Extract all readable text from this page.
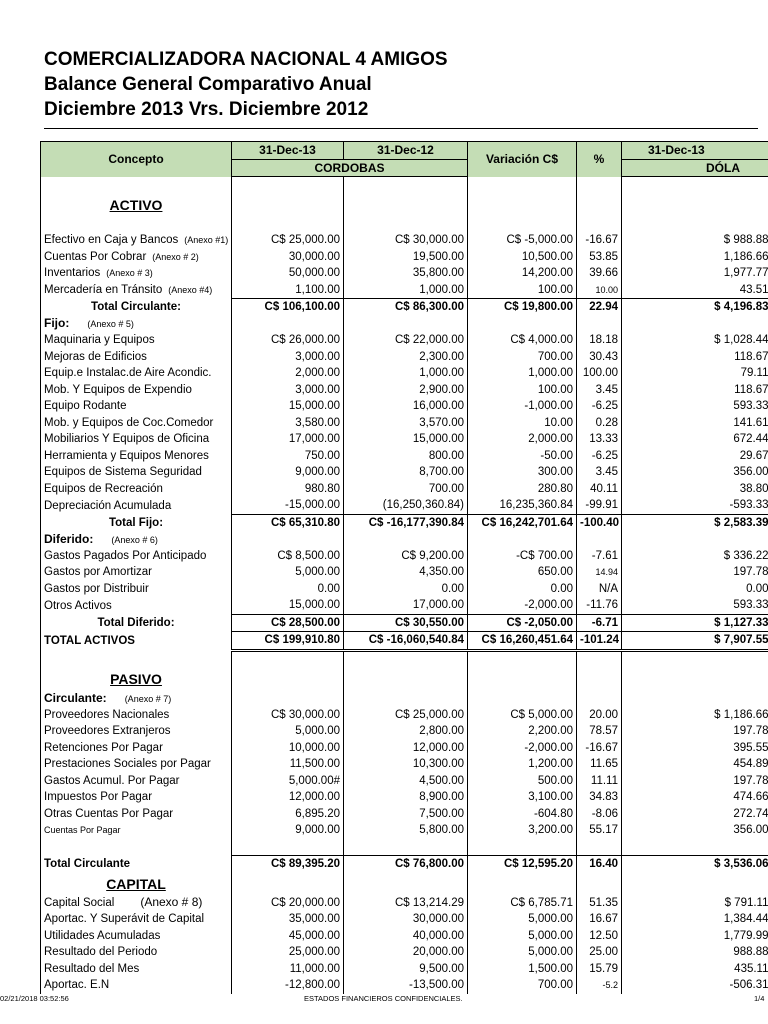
COMERCIALIZADORA NACIONAL 4 AMIGOS
Balance General Comparativo Anual
Diciembre 2013 Vrs. Diciembre 2012
Concepto	31-Dec-13	31-Dec-12	Variación C$	%	31-Dec-13
	CORDOBAS				DÓLA

ACTIVO					

Efectivo en Caja y Bancos (Anexo #1)	C$ 25,000.00	C$ 30,000.00	C$ -5,000.00	-16.67	$ 988.88
Cuentas Por Cobrar (Anexo # 2)	30,000.00	19,500.00	10,500.00	53.85	1,186.66
Inventarios (Anexo # 3)	50,000.00	35,800.00	14,200.00	39.66	1,977.77
Mercadería en Tránsito (Anexo #4)	1,100.00	1,000.00	100.00	10.00	43.51
Total Circulante:	C$ 106,100.00	C$ 86,300.00	C$ 19,800.00	22.94	$ 4,196.83
Fijo: (Anexo # 5)					
Maquinaria y Equipos	C$ 26,000.00	C$ 22,000.00	C$ 4,000.00	18.18	$ 1,028.44
Mejoras de Edificios	3,000.00	2,300.00	700.00	30.43	118.67
Equip.e Instalac.de Aire Acondic.	2,000.00	1,000.00	1,000.00	100.00	79.11
Mob. Y Equipos de Expendio	3,000.00	2,900.00	100.00	3.45	118.67
Equipo Rodante	15,000.00	16,000.00	-1,000.00	-6.25	593.33
Mob. y Equipos de Coc.Comedor	3,580.00	3,570.00	10.00	0.28	141.61
Mobiliarios Y Equipos de Oficina	17,000.00	15,000.00	2,000.00	13.33	672.44
Herramienta y Equipos Menores	750.00	800.00	-50.00	-6.25	29.67
Equipos de Sistema Seguridad	9,000.00	8,700.00	300.00	3.45	356.00
Equipos de Recreación	980.80	700.00	280.80	40.11	38.80
Depreciación Acumulada	-15,000.00	(16,250,360.84)	16,235,360.84	-99.91	-593.33
Total Fijo:	C$ 65,310.80	C$ -16,177,390.84	C$ 16,242,701.64	-100.40	$ 2,583.39
Diferido: (Anexo # 6)					
Gastos Pagados Por Anticipado	C$ 8,500.00	C$ 9,200.00	-C$ 700.00	-7.61	$ 336.22
Gastos por Amortizar	5,000.00	4,350.00	650.00	14.94	197.78
Gastos por Distribuir	0.00	0.00	0.00	N/A	0.00
Otros Activos	15,000.00	17,000.00	-2,000.00	-11.76	593.33
Total Diferido:	C$ 28,500.00	C$ 30,550.00	C$ -2,050.00	-6.71	$ 1,127.33
TOTAL ACTIVOS	C$ 199,910.80	C$ -16,060,540.84	C$ 16,260,451.64	-101.24	$ 7,907.55

PASIVO					
Circulante: (Anexo # 7)					
Proveedores Nacionales	C$ 30,000.00	C$ 25,000.00	C$ 5,000.00	20.00	$ 1,186.66
Proveedores Extranjeros	5,000.00	2,800.00	2,200.00	78.57	197.78
Retenciones Por Pagar	10,000.00	12,000.00	-2,000.00	-16.67	395.55
Prestaciones Sociales por Pagar	11,500.00	10,300.00	1,200.00	11.65	454.89
Gastos Acumul. Por Pagar	5,000.00#	4,500.00	500.00	11.11	197.78
Impuestos Por Pagar	12,000.00	8,900.00	3,100.00	34.83	474.66
Otras Cuentas Por Pagar	6,895.20	7,500.00	-604.80	-8.06	272.74
Cuentas Por Pagar	9,000.00	5,800.00	3,200.00	55.17	356.00

Total Circulante	C$ 89,395.20	C$ 76,800.00	C$ 12,595.20	16.40	$ 3,536.06
CAPITAL					
Capital Social (Anexo # 8)	C$ 20,000.00	C$ 13,214.29	C$ 6,785.71	51.35	$ 791.11
Aportac. Y Superávit de Capital	35,000.00	30,000.00	5,000.00	16.67	1,384.44
Utilidades Acumuladas	45,000.00	40,000.00	5,000.00	12.50	1,779.99
Resultado del Periodo	25,000.00	20,000.00	5,000.00	25.00	988.88
Resultado del Mes	11,000.00	9,500.00	1,500.00	15.79	435.11
Aportac. E.N	-12,800.00	-13,500.00	700.00	-5.2	-506.31
02/21/2018 03:52:56	ESTADOS FINANCIEROS CONFIDENCIALES.	1/4
